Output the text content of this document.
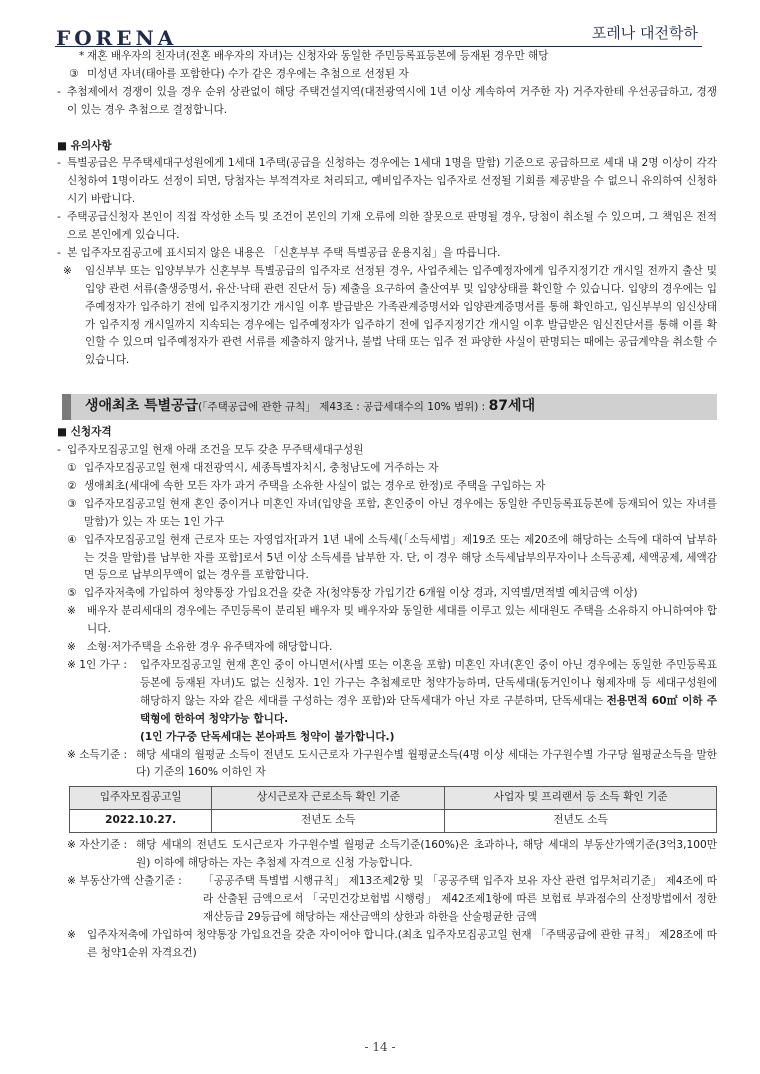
FORENA	포레나 대전학하
* 재혼 배우자의 친자녀(전혼 배우자의 자녀)는 신청자와 동일한 주민등록표등본에 등재된 경우만 해당
③ 미성년 자녀(태아를 포함한다) 수가 같은 경우에는 추첨으로 선정된 자
- 추첨제에서 경쟁이 있을 경우 순위 상관없이 해당 주택건설지역(대전광역시에 1년 이상 계속하여 거주한 자) 거주자한테 우선공급하고, 경쟁이 있는 경우 추첨으로 결정합니다.
■ 유의사항
- 특별공급은 무주택세대구성원에게 1세대 1주택(공급을 신청하는 경우에는 1세대 1명을 말함) 기준으로 공급하므로 세대 내 2명 이상이 각각 신청하여 1명이라도 선정이 되면, 당첨자는 부적격자로 처리되고, 예비입주자는 입주자로 선정될 기회를 제공받을 수 없으니 유의하여 신청하시기 바랍니다.
- 주택공급신청자 본인이 직접 작성한 소득 및 조건이 본인의 기재 오류에 의한 잘못으로 판명될 경우, 당첨이 취소될 수 있으며, 그 책임은 전적으로 본인에게 있습니다.
- 본 입주자모집공고에 표시되지 않은 내용은 「신혼부부 주택 특별공급 운용지침」을 따릅니다.
※ 임신부부 또는 입양부부가 신혼부부 특별공급의 입주자로 선정된 경우, 사업주체는 입주예정자에게 입주지정기간 개시일 전까지 출산 및 입양 관련 서류(출생증명서, 유산·낙태 관련 진단서 등) 제출을 요구하여 출산여부 및 입양상태를 확인할 수 있습니다. 입양의 경우에는 입주예정자가 입주하기 전에 입주지정기간 개시일 이후 발급받은 가족관계증명서와 입양관계증명서를 통해 확인하고, 임신부부의 임신상태가 입주지정 개시일까지 지속되는 경우에는 입주예정자가 입주하기 전에 입주지정기간 개시일 이후 발급받은 임신진단서를 통해 이를 확인할 수 있으며 입주예정자가 관련 서류를 제출하지 않거나, 불법 낙태 또는 입주 전 파양한 사실이 판명되는 때에는 공급계약을 취소할 수 있습니다.
생애최초 특별공급(「주택공급에 관한 규칙」 제43조 : 공급세대수의 10% 범위) : 87세대
■ 신청자격
- 입주자모집공고일 현재 아래 조건을 모두 갖춘 무주택세대구성원
① 입주자모집공고일 현재 대전광역시, 세종특별자치시, 충청남도에 거주하는 자
② 생애최초(세대에 속한 모든 자가 과거 주택을 소유한 사실이 없는 경우로 한정)로 주택을 구입하는 자
③ 입주자모집공고일 현재 혼인 중이거나 미혼인 자녀(입양을 포함, 혼인중이 아닌 경우에는 동일한 주민등록표등본에 등재되어 있는 자녀를 말함)가 있는 자 또는 1인 가구
④ 입주자모집공고일 현재 근로자 또는 자영업자[과거 1년 내에 소득세(「소득세법」제19조 또는 제20조에 해당하는 소득에 대하여 납부하는 것을 말함)를 납부한 자를 포함]로서 5년 이상 소득세를 납부한 자. 단, 이 경우 해당 소득세납부의무자이나 소득공제, 세액공제, 세액감면 등으로 납부의무액이 없는 경우를 포함합니다.
⑤ 입주자저축에 가입하여 청약통장 가입요건을 갖춘 자(청약통장 가입기간 6개월 이상 경과, 지역별/면적별 예치금액 이상)
※ 배우자 분리세대의 경우에는 주민등록이 분리된 배우자 및 배우자와 동일한 세대를 이루고 있는 세대원도 주택을 소유하지 아니하여야 합니다.
※ 소형·저가주택을 소유한 경우 유주택자에 해당합니다.
※ 1인 가구 : 입주자모집공고일 현재 혼인 중이 아니면서(사별 또는 이혼을 포함) 미혼인 자녀(혼인 중이 아닌 경우에는 동일한 주민등록표등본에 등재된 자녀)도 없는 신청자. 1인 가구는 추첨제로만 청약가능하며, 단독세대(동거인이나 형제자매 등 세대구성원에 해당하지 않는 자와 같은 세대를 구성하는 경우 포함)와 단독세대가 아닌 자로 구분하며, 단독세대는 전용면적 60㎡ 이하 주택형에 한하여 청약가능 합니다.
(1인 가구중 단독세대는 본아파트 청약이 불가합니다.)
※ 소득기준 : 해당 세대의 월평균 소득이 전년도 도시근로자 가구원수별 월평균소득(4명 이상 세대는 가구원수별 가구당 월평균소득을 말한다) 기준의 160% 이하인 자
입주자모집공고일	상시근로자 근로소득 확인 기준	사업자 및 프리랜서 등 소득 확인 기준
2022.10.27.	전년도 소득	전년도 소득
※ 자산기준 : 해당 세대의 전년도 도시근로자 가구원수별 월평균 소득기준(160%)은 초과하나, 해당 세대의 부동산가액기준(3억3,100만원) 이하에 해당하는 자는 추첨제 자격으로 신청 가능합니다.
※ 부동산가액 산출기준 : 「공공주택 특별법 시행규칙」 제13조제2항 및 「공공주택 입주자 보유 자산 관련 업무처리기준」 제4조에 따라 산출된 금액으로서 「국민건강보험법 시행령」 제42조제1항에 따른 보험료 부과점수의 산정방법에서 정한 재산등급 29등급에 해당하는 재산금액의 상한과 하한을 산술평균한 금액
※ 입주자저축에 가입하여 청약통장 가입요건을 갖춘 자이어야 합니다.(최초 입주자모집공고일 현재 「주택공급에 관한 규칙」 제28조에 따른 청약1순위 자격요건)
- 14 -
